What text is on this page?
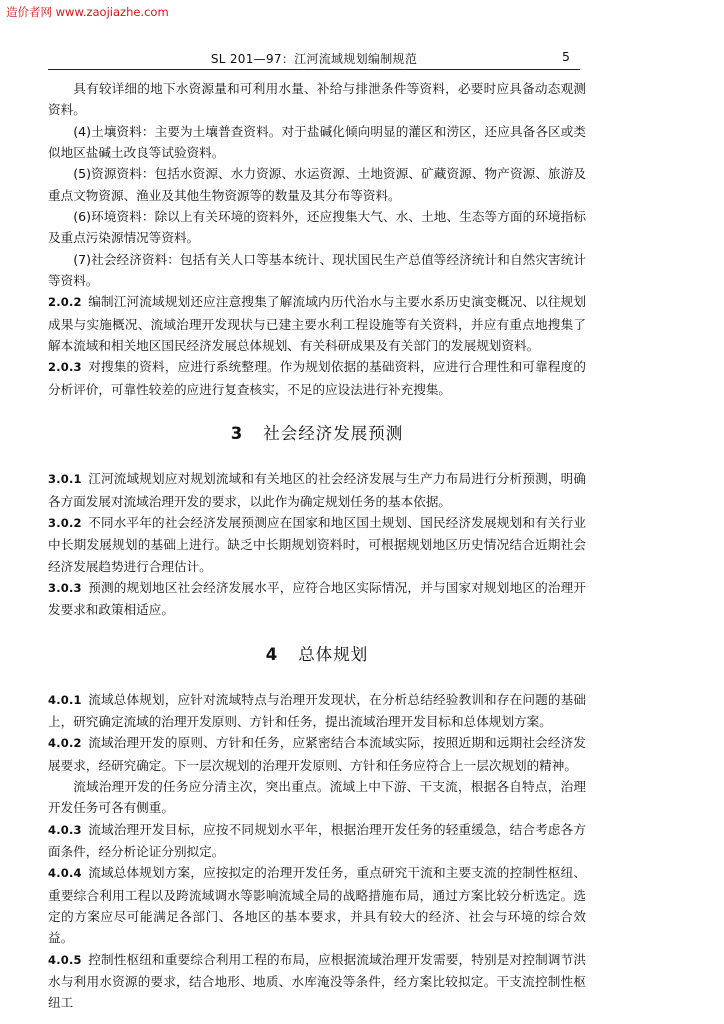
造价者网 www.zaojiazhe.com
SL 201—97：江河流域规划编制规范	5

具有较详细的地下水资源量和可利用水量、补给与排泄条件等资料，必要时应具备动态观测资料。

(4)土壤资料：主要为土壤普查资料。对于盐碱化倾向明显的灌区和涝区，还应具备各区或类似地区盐碱土改良等试验资料。

(5)资源资料：包括水资源、水力资源、水运资源、土地资源、矿藏资源、物产资源、旅游及重点文物资源、渔业及其他生物资源等的数量及其分布等资料。

(6)环境资料：除以上有关环境的资料外，还应搜集大气、水、土地、生态等方面的环境指标及重点污染源情况等资料。

(7)社会经济资料：包括有关人口等基本统计、现状国民生产总值等经济统计和自然灾害统计等资料。

2.0.2  编制江河流域规划还应注意搜集了解流域内历代治水与主要水系历史演变概况、以往规划成果与实施概况、流域治理开发现状与已建主要水利工程设施等有关资料，并应有重点地搜集了解本流域和相关地区国民经济发展总体规划、有关科研成果及有关部门的发展规划资料。

2.0.3  对搜集的资料，应进行系统整理。作为规划依据的基础资料，应进行合理性和可靠程度的分析评价，可靠性较差的应进行复查核实，不足的应设法进行补充搜集。

3 社会经济发展预测

3.0.1  江河流域规划应对规划流域和有关地区的社会经济发展与生产力布局进行分析预测，明确各方面发展对流域治理开发的要求，以此作为确定规划任务的基本依据。

3.0.2  不同水平年的社会经济发展预测应在国家和地区国土规划、国民经济发展规划和有关行业中长期发展规划的基础上进行。缺乏中长期规划资料时，可根据规划地区历史情况结合近期社会经济发展趋势进行合理估计。

3.0.3  预测的规划地区社会经济发展水平，应符合地区实际情况，并与国家对规划地区的治理开发要求和政策相适应。

4 总体规划

4.0.1  流域总体规划，应针对流域特点与治理开发现状，在分析总结经验教训和存在问题的基础上，研究确定流域的治理开发原则、方针和任务，提出流域治理开发目标和总体规划方案。

4.0.2  流域治理开发的原则、方针和任务，应紧密结合本流域实际，按照近期和远期社会经济发展要求，经研究确定。下一层次规划的治理开发原则、方针和任务应符合上一层次规划的精神。

流域治理开发的任务应分清主次，突出重点。流域上中下游、干支流，根据各自特点，治理开发任务可各有侧重。

4.0.3  流域治理开发目标，应按不同规划水平年，根据治理开发任务的轻重缓急，结合考虑各方面条件，经分析论证分别拟定。

4.0.4  流域总体规划方案，应按拟定的治理开发任务，重点研究干流和主要支流的控制性枢纽、重要综合利用工程以及跨流域调水等影响流域全局的战略措施布局，通过方案比较分析选定。选定的方案应尽可能满足各部门、各地区的基本要求，并具有较大的经济、社会与环境的综合效益。

4.0.5  控制性枢纽和重要综合利用工程的布局，应根据流域治理开发需要，特别是对控制调节洪水与利用水资源的要求，结合地形、地质、水库淹没等条件，经方案比较拟定。干支流控制性枢纽工
